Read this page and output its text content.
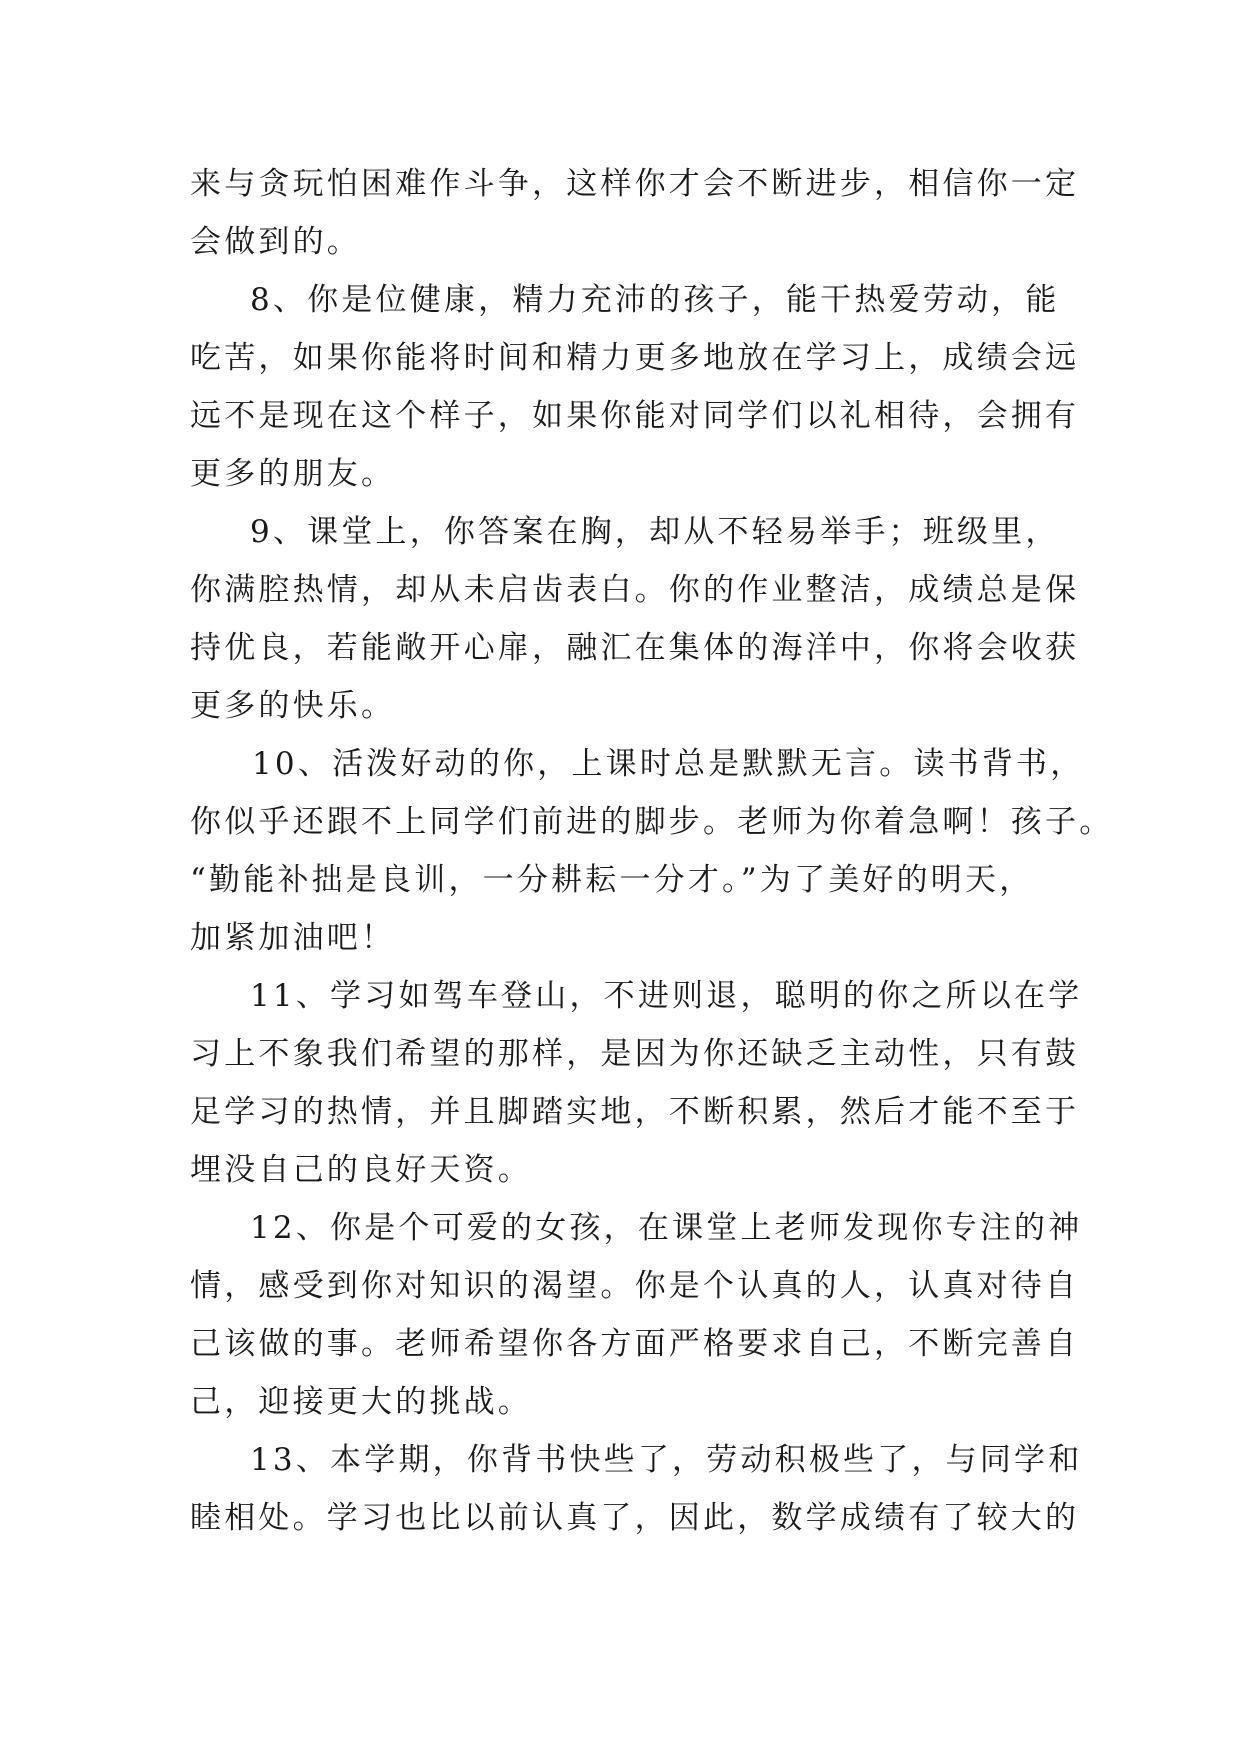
来与贪玩怕困难作斗争，这样你才会不断进步，相信你一定
会做到的。
8、你是位健康，精力充沛的孩子，能干热爱劳动，能
吃苦，如果你能将时间和精力更多地放在学习上，成绩会远
远不是现在这个样子，如果你能对同学们以礼相待，会拥有
更多的朋友。
9、课堂上，你答案在胸，却从不轻易举手；班级里，
你满腔热情，却从未启齿表白。你的作业整洁，成绩总是保
持优良，若能敞开心扉，融汇在集体的海洋中，你将会收获
更多的快乐。
10、活泼好动的你，上课时总是默默无言。读书背书，
你似乎还跟不上同学们前进的脚步。老师为你着急啊！孩子。
“勤能补拙是良训，一分耕耘一分才。”为了美好的明天，
加紧加油吧！
11、学习如驾车登山，不进则退，聪明的你之所以在学
习上不象我们希望的那样，是因为你还缺乏主动性，只有鼓
足学习的热情，并且脚踏实地，不断积累，然后才能不至于
埋没自己的良好天资。
12、你是个可爱的女孩，在课堂上老师发现你专注的神
情，感受到你对知识的渴望。你是个认真的人，认真对待自
己该做的事。老师希望你各方面严格要求自己，不断完善自
己，迎接更大的挑战。
13、本学期，你背书快些了，劳动积极些了，与同学和
睦相处。学习也比以前认真了，因此，数学成绩有了较大的
